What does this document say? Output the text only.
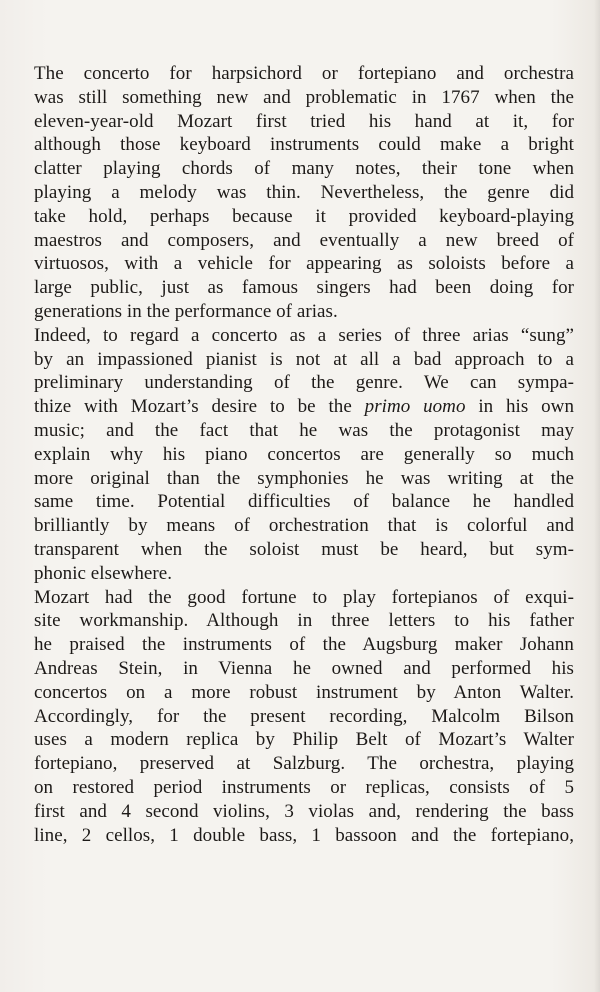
The concerto for harpsichord or fortepiano and orchestra
was still something new and problematic in 1767 when the
eleven-year-old Mozart first tried his hand at it, for
although those keyboard instruments could make a bright
clatter playing chords of many notes, their tone when
playing a melody was thin. Nevertheless, the genre did
take hold, perhaps because it provided keyboard-playing
maestros and composers, and eventually a new breed of
virtuosos, with a vehicle for appearing as soloists before a
large public, just as famous singers had been doing for
generations in the performance of arias.
Indeed, to regard a concerto as a series of three arias “sung”
by an impassioned pianist is not at all a bad approach to a
preliminary understanding of the genre. We can sympa-
thize with Mozart’s desire to be the primo uomo in his own
music; and the fact that he was the protagonist may
explain why his piano concertos are generally so much
more original than the symphonies he was writing at the
same time. Potential difficulties of balance he handled
brilliantly by means of orchestration that is colorful and
transparent when the soloist must be heard, but sym-
phonic elsewhere.
Mozart had the good fortune to play fortepianos of exqui-
site workmanship. Although in three letters to his father
he praised the instruments of the Augsburg maker Johann
Andreas Stein, in Vienna he owned and performed his
concertos on a more robust instrument by Anton Walter.
Accordingly, for the present recording, Malcolm Bilson
uses a modern replica by Philip Belt of Mozart’s Walter
fortepiano, preserved at Salzburg. The orchestra, playing
on restored period instruments or replicas, consists of 5
first and 4 second violins, 3 violas and, rendering the bass
line, 2 cellos, 1 double bass, 1 bassoon and the fortepiano,
